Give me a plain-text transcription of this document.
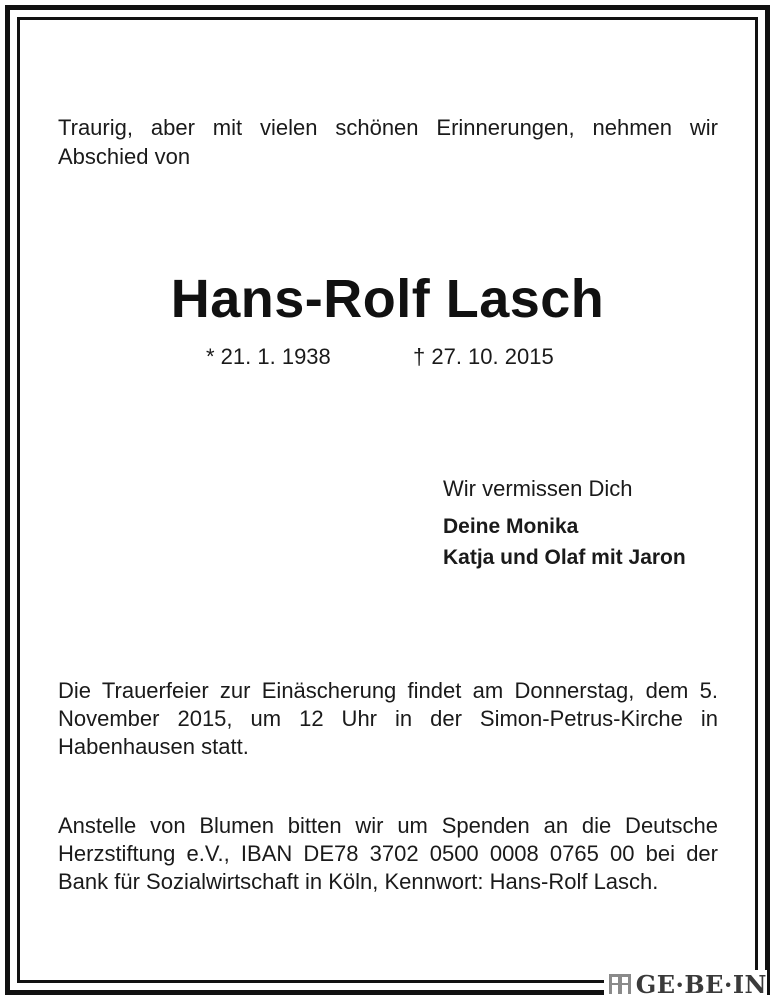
Traurig, aber mit vielen schönen Erinnerungen, nehmen wir Abschied von
Hans-Rolf Lasch
* 21. 1. 1938	† 27. 10. 2015
Wir vermissen Dich
Deine Monika
Katja und Olaf mit Jaron
Die Trauerfeier zur Einäscherung findet am Donnerstag, dem 5. November 2015, um 12 Uhr in der Simon-Petrus-Kirche in Habenhausen statt.
Anstelle von Blumen bitten wir um Spenden an die Deutsche Herzstiftung e.V., IBAN DE78 3702 0500 0008 0765 00 bei der Bank für Sozialwirtschaft in Köln, Kennwort: Hans-Rolf Lasch.
GE·BE·IN
